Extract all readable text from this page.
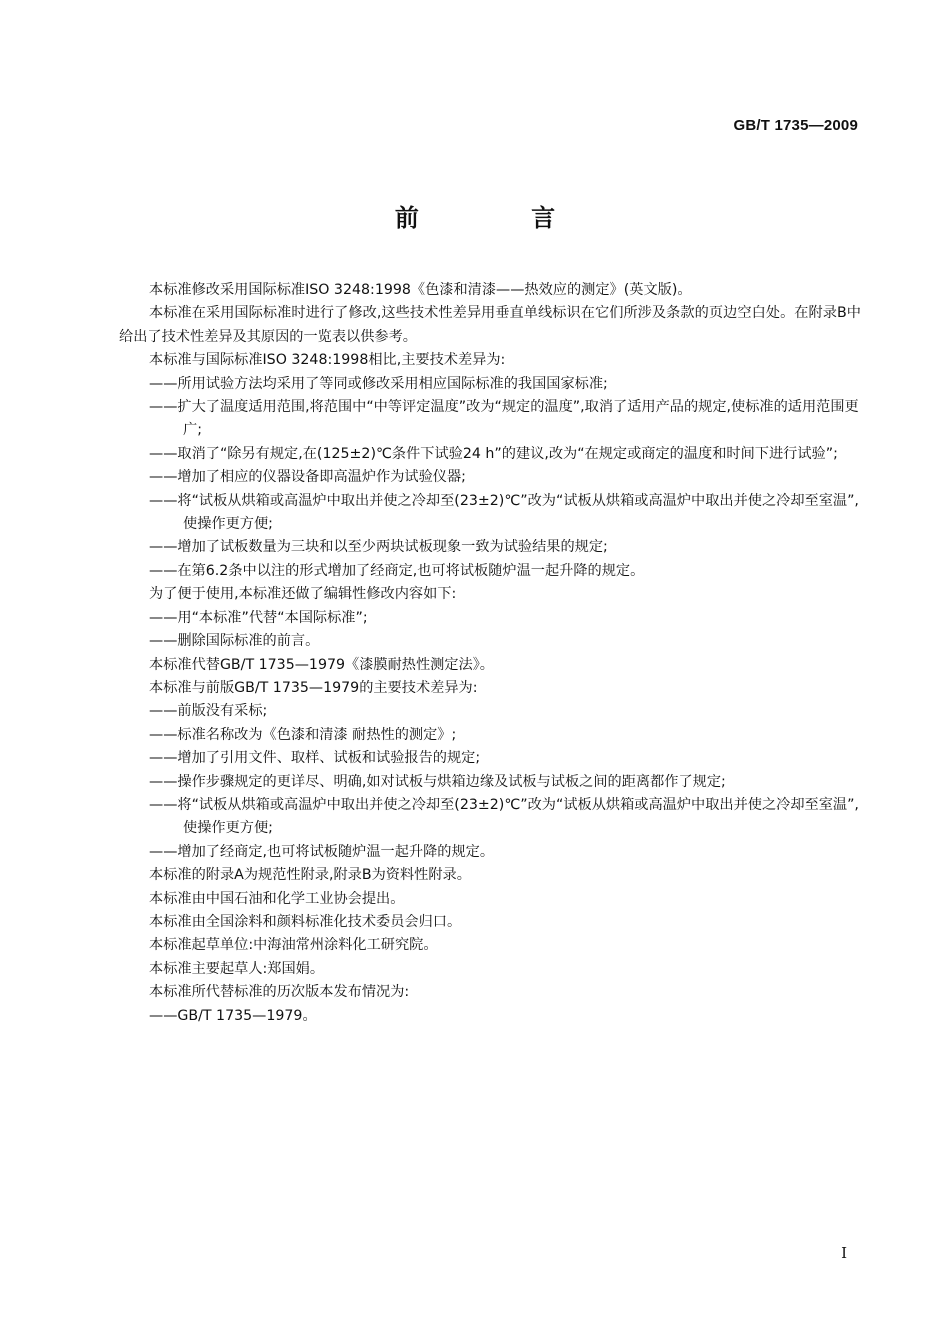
GB/T 1735—2009
前 言

本标准修改采用国际标准ISO 3248:1998《色漆和清漆——热效应的测定》(英文版)。

本标准在采用国际标准时进行了修改,这些技术性差异用垂直单线标识在它们所涉及条款的页边空白处。在附录B中给出了技术性差异及其原因的一览表以供参考。

本标准与国际标准ISO 3248:1998相比,主要技术差异为:

——所用试验方法均采用了等同或修改采用相应国际标准的我国国家标准;

——扩大了温度适用范围,将范围中“中等评定温度”改为“规定的温度”,取消了适用产品的规定,使标准的适用范围更广;

——取消了“除另有规定,在(125±2)℃条件下试验24 h”的建议,改为“在规定或商定的温度和时间下进行试验”;

——增加了相应的仪器设备即高温炉作为试验仪器;

——将“试板从烘箱或高温炉中取出并使之冷却至(23±2)℃”改为“试板从烘箱或高温炉中取出并使之冷却至室温”,使操作更方便;

——增加了试板数量为三块和以至少两块试板现象一致为试验结果的规定;

——在第6.2条中以注的形式增加了经商定,也可将试板随炉温一起升降的规定。

为了便于使用,本标准还做了编辑性修改内容如下:

——用“本标准”代替“本国际标准”;

——删除国际标准的前言。

本标准代替GB/T 1735—1979《漆膜耐热性测定法》。

本标准与前版GB/T 1735—1979的主要技术差异为:

——前版没有采标;

——标准名称改为《色漆和清漆 耐热性的测定》;

——增加了引用文件、取样、试板和试验报告的规定;

——操作步骤规定的更详尽、明确,如对试板与烘箱边缘及试板与试板之间的距离都作了规定;

——将“试板从烘箱或高温炉中取出并使之冷却至(23±2)℃”改为“试板从烘箱或高温炉中取出并使之冷却至室温”,使操作更方便;

——增加了经商定,也可将试板随炉温一起升降的规定。

本标准的附录A为规范性附录,附录B为资料性附录。

本标准由中国石油和化学工业协会提出。

本标准由全国涂料和颜料标准化技术委员会归口。

本标准起草单位:中海油常州涂料化工研究院。

本标准主要起草人:郑国娟。

本标准所代替标准的历次版本发布情况为:

——GB/T 1735—1979。

I
